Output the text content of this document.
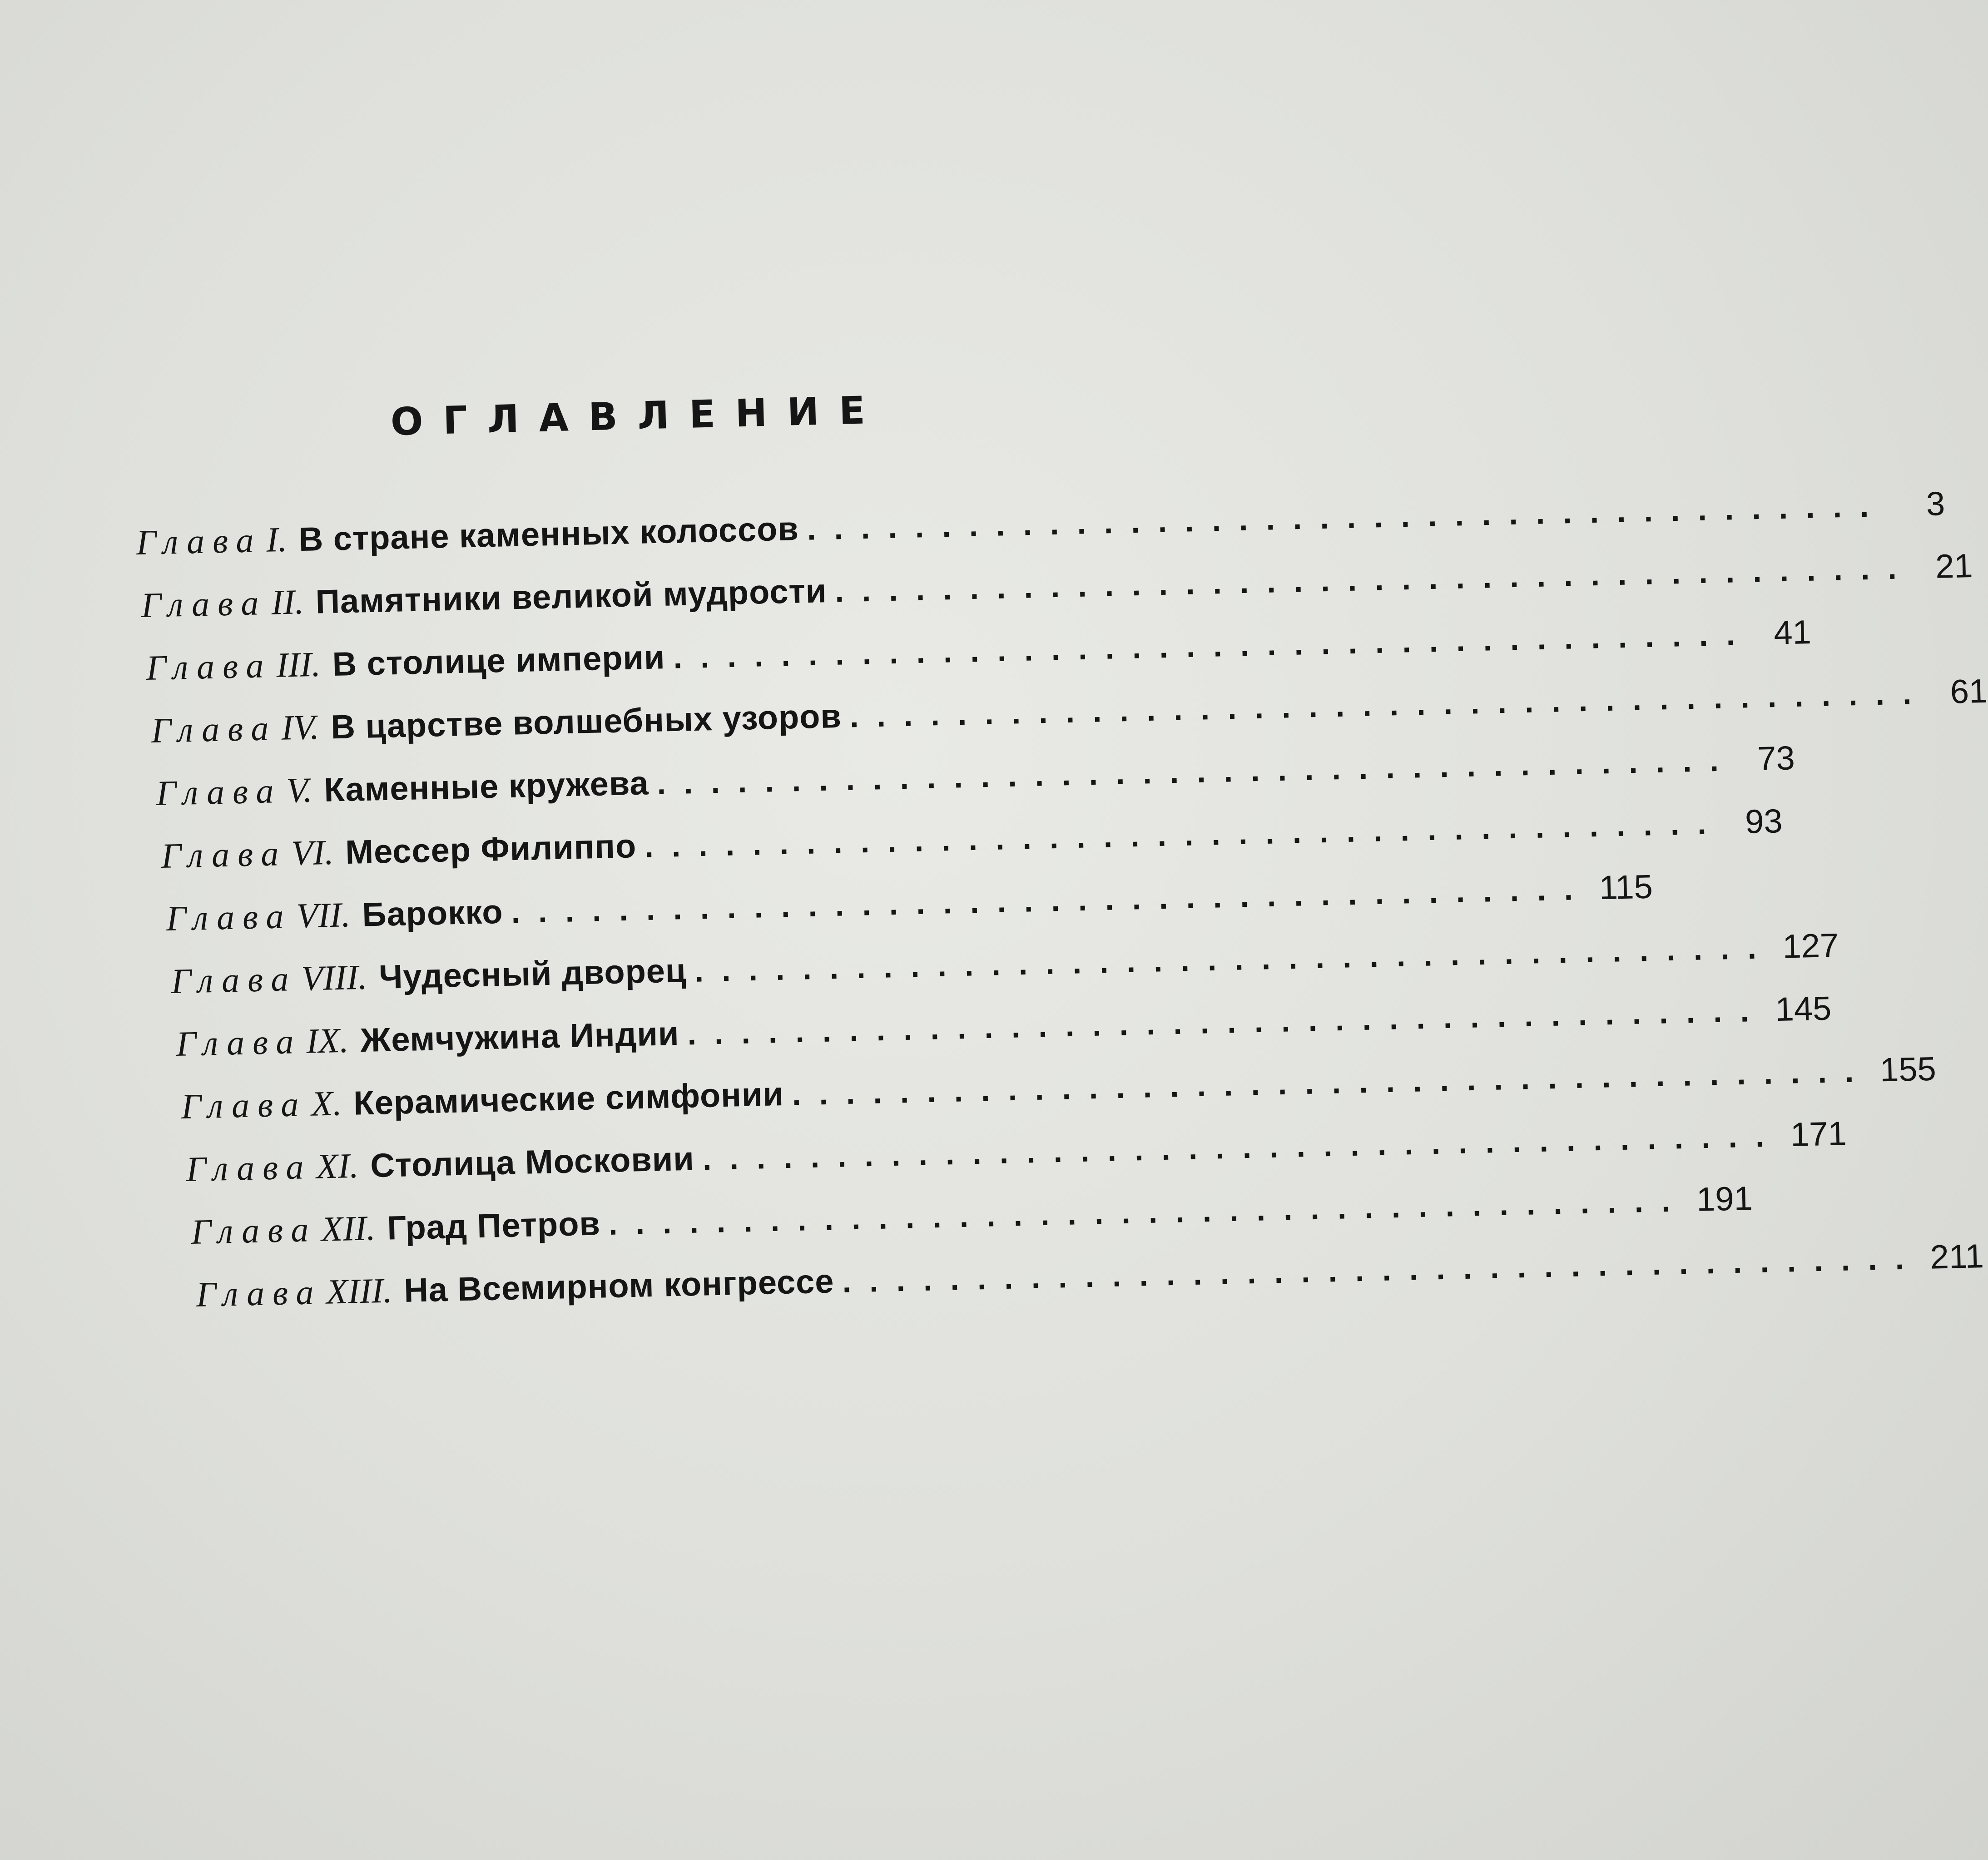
ОГЛАВЛЕНИЕ
Глава I. В стране каменных колоссов ........................................	3
Глава II. Памятники великой мудрости ........................................ 21
Глава III. В столице империи ........................................ 41
Глава IV. В царстве волшебных узоров ........................................ 61
Глава V. Каменные кружева ........................................ 73
Глава VI. Мессер Филиппо ........................................ 93
Глава VII. Барокко ........................................ 115
Глава VIII. Чудесный дворец ........................................ 127
Глава IX. Жемчужина Индии ........................................ 145
Глава X. Керамические симфонии ........................................ 155
Глава XI. Столица Московии ........................................ 171
Глава XII. Град Петров ........................................ 191
Глава XIII. На Всемирном конгрессе ........................................ 211
